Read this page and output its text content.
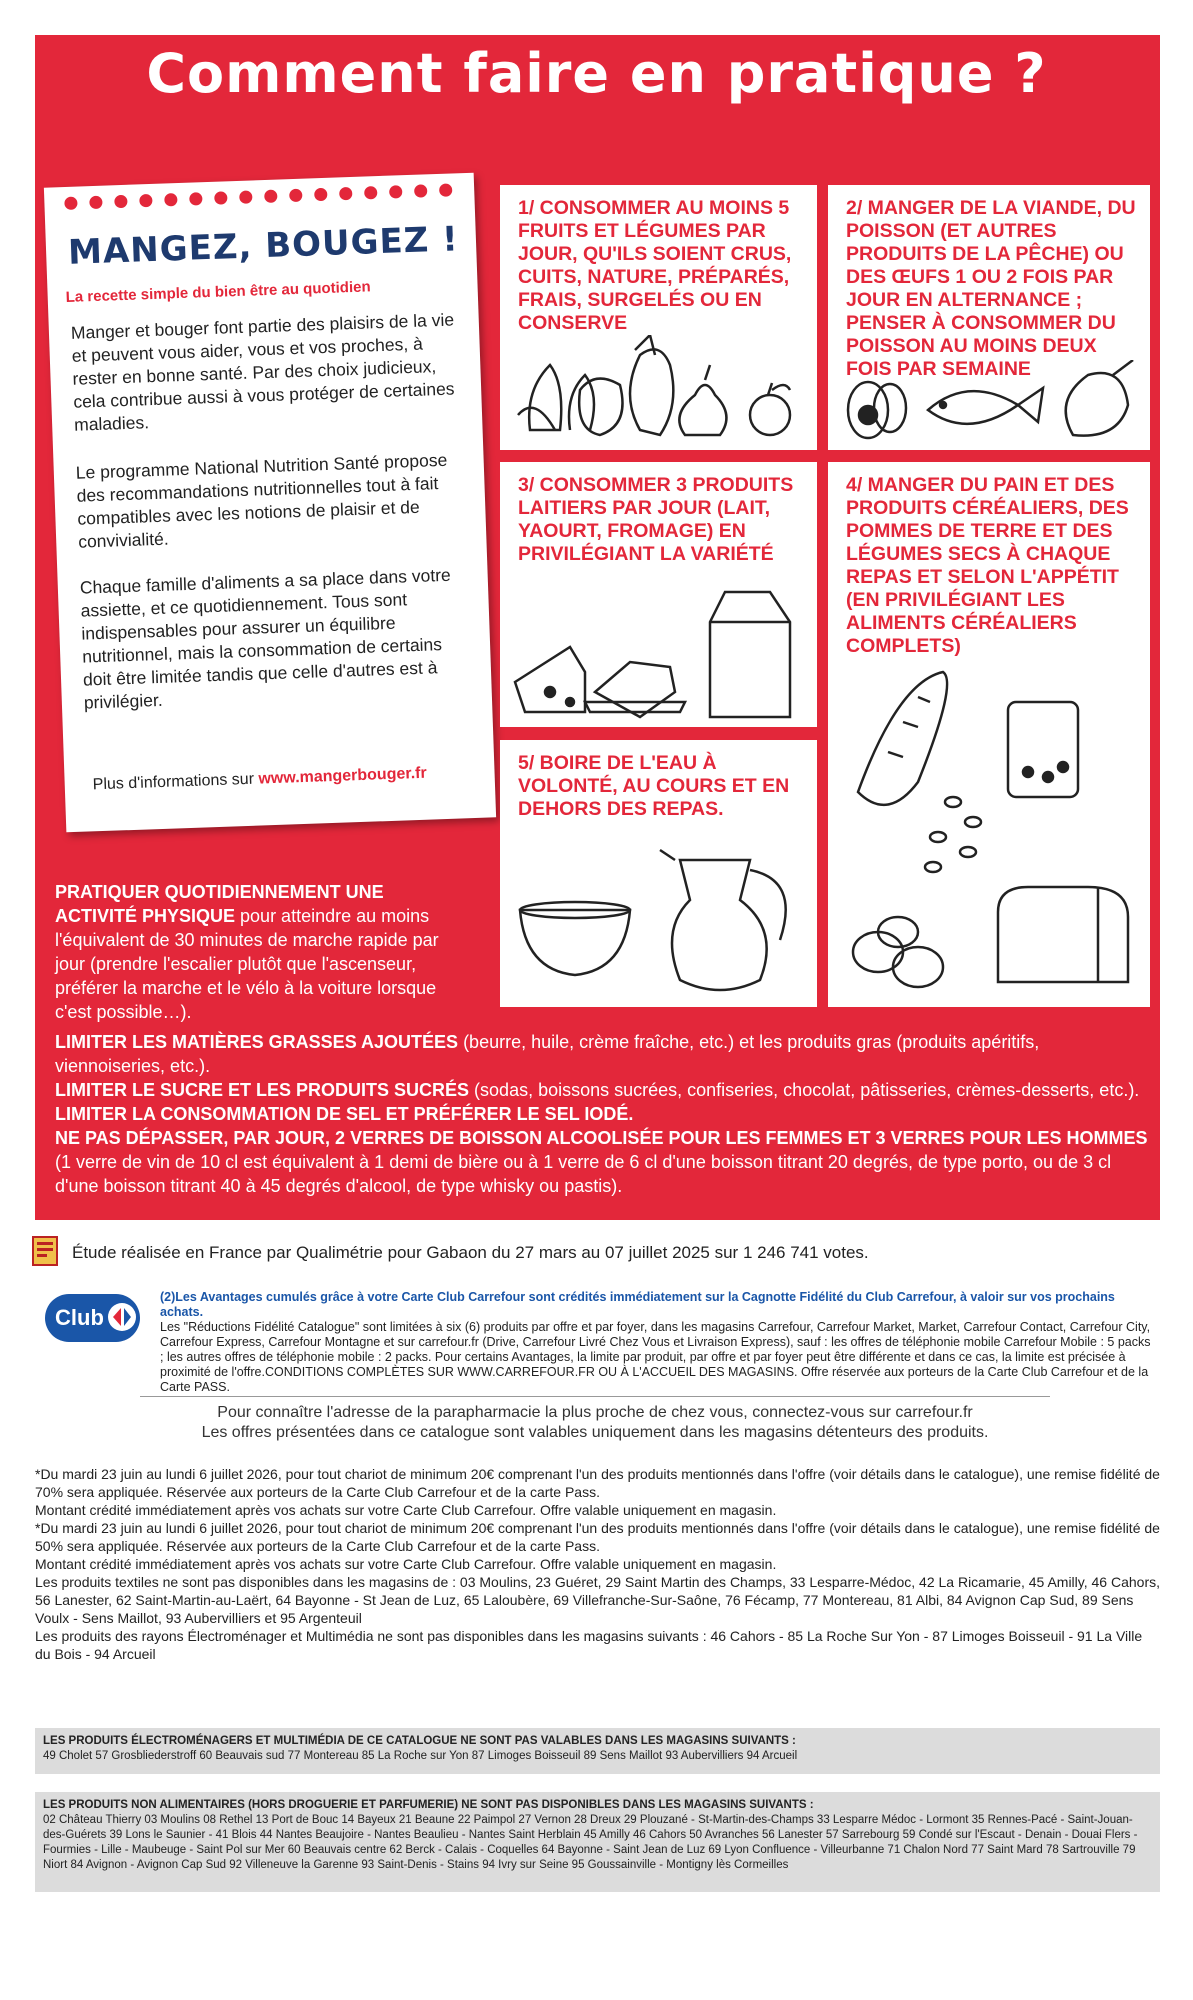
Comment faire en pratique ?
MANGEZ, BOUGEZ !
La recette simple du bien être au quotidien
Manger et bouger font partie des plaisirs de la vie et peuvent vous aider, vous et vos proches, à rester en bonne santé. Par des choix judicieux, cela contribue aussi à vous protéger de certaines maladies.
Le programme National Nutrition Santé propose des recommandations nutritionnelles tout à fait compatibles avec les notions de plaisir et de convivialité.
Chaque famille d'aliments a sa place dans votre assiette, et ce quotidiennement. Tous sont indispensables pour assurer un équilibre nutritionnel, mais la consommation de certains doit être limitée tandis que celle d'autres est à privilégier.
Plus d'informations sur www.mangerbouger.fr
1/ CONSOMMER AU MOINS 5 FRUITS ET LÉGUMES PAR JOUR, QU'ILS SOIENT CRUS, CUITS, NATURE, PRÉPARÉS, FRAIS, SURGELÉS OU EN CONSERVE
2/ MANGER DE LA VIANDE, DU POISSON (ET AUTRES PRODUITS DE LA PÊCHE) OU DES ŒUFS 1 OU 2 FOIS PAR JOUR EN ALTERNANCE ; PENSER À CONSOMMER DU POISSON AU MOINS DEUX FOIS PAR SEMAINE
3/ CONSOMMER 3 PRODUITS LAITIERS PAR JOUR (LAIT, YAOURT, FROMAGE) EN PRIVILÉGIANT LA VARIÉTÉ
4/ MANGER DU PAIN ET DES PRODUITS CÉRÉALIERS, DES POMMES DE TERRE ET DES LÉGUMES SECS À CHAQUE REPAS ET SELON L'APPÉTIT (EN PRIVILÉGIANT LES ALIMENTS CÉRÉALIERS COMPLETS)
5/ BOIRE DE L'EAU À VOLONTÉ, AU COURS ET EN DEHORS DES REPAS.
PRATIQUER QUOTIDIENNEMENT UNE ACTIVITÉ PHYSIQUE pour atteindre au moins l'équivalent de 30 minutes de marche rapide par jour (prendre l'escalier plutôt que l'ascenseur, préférer la marche et le vélo à la voiture lorsque c'est possible…).
LIMITER LES MATIÈRES GRASSES AJOUTÉES (beurre, huile, crème fraîche, etc.) et les produits gras (produits apéritifs, viennoiseries, etc.).
LIMITER LE SUCRE ET LES PRODUITS SUCRÉS (sodas, boissons sucrées, confiseries, chocolat, pâtisseries, crèmes-desserts, etc.).
LIMITER LA CONSOMMATION DE SEL ET PRÉFÉRER LE SEL IODÉ.
NE PAS DÉPASSER, PAR JOUR, 2 VERRES DE BOISSON ALCOOLISÉE POUR LES FEMMES ET 3 VERRES POUR LES HOMMES (1 verre de vin de 10 cl est équivalent à 1 demi de bière ou à 1 verre de 6 cl d'une boisson titrant 20 degrés, de type porto, ou de 3 cl d'une boisson titrant 40 à 45 degrés d'alcool, de type whisky ou pastis).
Étude réalisée en France par Qualimétrie pour Gabaon du 27 mars au 07 juillet 2025 sur 1 246 741 votes.
Club
(2)Les Avantages cumulés grâce à votre Carte Club Carrefour sont crédités immédiatement sur la Cagnotte Fidélité du Club Carrefour, à valoir sur vos prochains achats.
Les "Réductions Fidélité Catalogue" sont limitées à six (6) produits par offre et par foyer, dans les magasins Carrefour, Carrefour Market, Market, Carrefour Contact, Carrefour City, Carrefour Express, Carrefour Montagne et sur carrefour.fr (Drive, Carrefour Livré Chez Vous et Livraison Express), sauf : les offres de téléphonie mobile Carrefour Mobile : 5 packs ; les autres offres de téléphonie mobile : 2 packs. Pour certains Avantages, la limite par produit, par offre et par foyer peut être différente et dans ce cas, la limite est précisée à proximité de l'offre.CONDITIONS COMPLÈTES SUR WWW.CARREFOUR.FR OU À L'ACCUEIL DES MAGASINS. Offre réservée aux porteurs de la Carte Club Carrefour et de la Carte PASS.
Pour connaître l'adresse de la parapharmacie la plus proche de chez vous, connectez-vous sur carrefour.fr
Les offres présentées dans ce catalogue sont valables uniquement dans les magasins détenteurs des produits.
*Du mardi 23 juin au lundi 6 juillet 2026, pour tout chariot de minimum 20€ comprenant l'un des produits mentionnés dans l'offre (voir détails dans le catalogue), une remise fidélité de 70% sera appliquée. Réservée aux porteurs de la Carte Club Carrefour et de la carte Pass.
Montant crédité immédiatement après vos achats sur votre Carte Club Carrefour. Offre valable uniquement en magasin.
*Du mardi 23 juin au lundi 6 juillet 2026, pour tout chariot de minimum 20€ comprenant l'un des produits mentionnés dans l'offre (voir détails dans le catalogue), une remise fidélité de 50% sera appliquée. Réservée aux porteurs de la Carte Club Carrefour et de la carte Pass.
Montant crédité immédiatement après vos achats sur votre Carte Club Carrefour. Offre valable uniquement en magasin.
Les produits textiles ne sont pas disponibles dans les magasins de : 03 Moulins, 23 Guéret, 29 Saint Martin des Champs, 33 Lesparre-Médoc, 42 La Ricamarie, 45 Amilly, 46 Cahors, 56 Lanester, 62 Saint-Martin-au-Laërt, 64 Bayonne - St Jean de Luz, 65 Laloubère, 69 Villefranche-Sur-Saône, 76 Fécamp, 77 Montereau, 81 Albi, 84 Avignon Cap Sud, 89 Sens Voulx - Sens Maillot, 93 Aubervilliers et 95 Argenteuil
Les produits des rayons Électroménager et Multimédia ne sont pas disponibles dans les magasins suivants : 46 Cahors - 85 La Roche Sur Yon - 87 Limoges Boisseuil - 91 La Ville du Bois - 94 Arcueil
LES PRODUITS ÉLECTROMÉNAGERS ET MULTIMÉDIA DE CE CATALOGUE NE SONT PAS VALABLES DANS LES MAGASINS SUIVANTS :
49 Cholet 57 Grosbliederstroff 60 Beauvais sud 77 Montereau 85 La Roche sur Yon 87 Limoges Boisseuil 89 Sens Maillot 93 Aubervilliers 94 Arcueil
LES PRODUITS NON ALIMENTAIRES (HORS DROGUERIE ET PARFUMERIE) NE SONT PAS DISPONIBLES DANS LES MAGASINS SUIVANTS :
02 Château Thierry 03 Moulins 08 Rethel 13 Port de Bouc 14 Bayeux 21 Beaune 22 Paimpol 27 Vernon 28 Dreux 29 Plouzané - St-Martin-des-Champs 33 Lesparre Médoc - Lormont 35 Rennes-Pacé - Saint-Jouan-des-Guérets 39 Lons le Saunier - 41 Blois 44 Nantes Beaujoire - Nantes Beaulieu - Nantes Saint Herblain 45 Amilly 46 Cahors 50 Avranches 56 Lanester 57 Sarrebourg 59 Condé sur l'Escaut - Denain - Douai Flers - Fourmies - Lille - Maubeuge - Saint Pol sur Mer 60 Beauvais centre 62 Berck - Calais - Coquelles 64 Bayonne - Saint Jean de Luz 69 Lyon Confluence - Villeurbanne 71 Chalon Nord 77 Saint Mard 78 Sartrouville 79 Niort 84 Avignon - Avignon Cap Sud 92 Villeneuve la Garenne 93 Saint-Denis - Stains 94 Ivry sur Seine 95 Goussainville - Montigny lès Cormeilles
